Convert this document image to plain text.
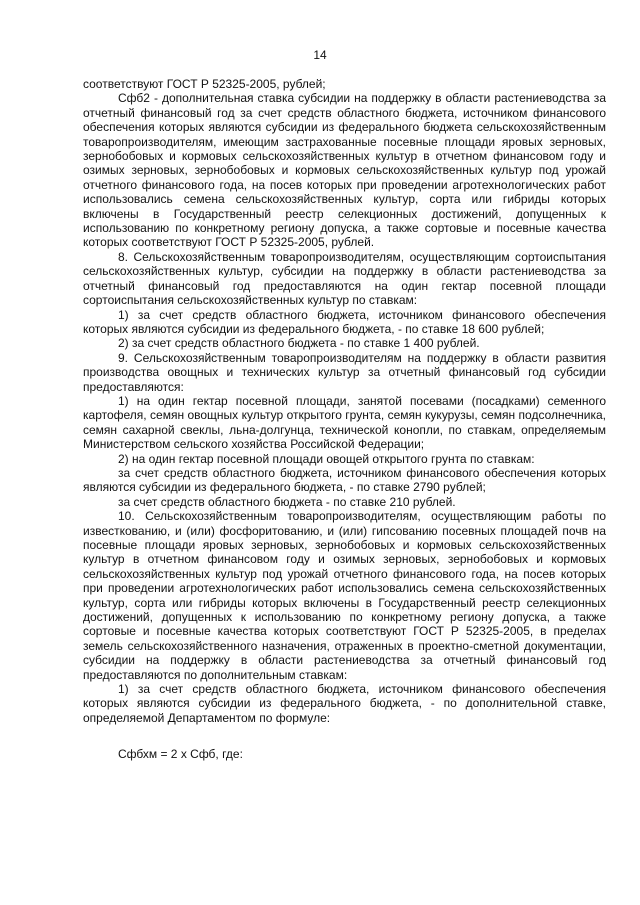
14

соответствуют ГОСТ Р 52325-2005, рублей;

Сфб2 - дополнительная ставка субсидии на поддержку в области растениеводства за отчетный финансовый год за счет средств областного бюджета, источником финансового обеспечения которых являются субсидии из федерального бюджета сельскохозяйственным товаропроизводителям, имеющим застрахованные посевные площади яровых зерновых, зернобобовых и кормовых сельскохозяйственных культур в отчетном финансовом году и озимых зерновых, зернобобовых и кормовых сельскохозяйственных культур под урожай отчетного финансового года, на посев которых при проведении агротехнологических работ использовались семена сельскохозяйственных культур, сорта или гибриды которых включены в Государственный реестр селекционных достижений, допущенных к использованию по конкретному региону допуска, а также сортовые и посевные качества которых соответствуют ГОСТ Р 52325-2005, рублей.

8. Сельскохозяйственным товаропроизводителям, осуществляющим сортоиспытания сельскохозяйственных культур, субсидии на поддержку в области растениеводства за отчетный финансовый год предоставляются на один гектар посевной площади сортоиспытания сельскохозяйственных культур по ставкам:

1) за счет средств областного бюджета, источником финансового обеспечения которых являются субсидии из федерального бюджета, - по ставке 18 600 рублей;

2) за счет средств областного бюджета - по ставке 1 400 рублей.

9. Сельскохозяйственным товаропроизводителям на поддержку в области развития производства овощных и технических культур за отчетный финансовый год субсидии предоставляются:

1) на один гектар посевной площади, занятой посевами (посадками) семенного картофеля, семян овощных культур открытого грунта, семян кукурузы, семян подсолнечника, семян сахарной свеклы, льна-долгунца, технической конопли, по ставкам, определяемым Министерством сельского хозяйства Российской Федерации;

2) на один гектар посевной площади овощей открытого грунта по ставкам:

за счет средств областного бюджета, источником финансового обеспечения которых являются субсидии из федерального бюджета, - по ставке 2790 рублей;

за счет средств областного бюджета - по ставке 210 рублей.

10. Сельскохозяйственным товаропроизводителям, осуществляющим работы по известкованию, и (или) фосфоритованию, и (или) гипсованию посевных площадей почв на посевные площади яровых зерновых, зернобобовых и кормовых сельскохозяйственных культур в отчетном финансовом году и озимых зерновых, зернобобовых и кормовых сельскохозяйственных культур под урожай отчетного финансового года, на посев которых при проведении агротехнологических работ использовались семена сельскохозяйственных культур, сорта или гибриды которых включены в Государственный реестр селекционных достижений, допущенных к использованию по конкретному региону допуска, а также сортовые и посевные качества которых соответствуют ГОСТ Р 52325-2005, в пределах земель сельскохозяйственного назначения, отраженных в проектно-сметной документации, субсидии на поддержку в области растениеводства за отчетный финансовый год предоставляются по дополнительным ставкам:

1) за счет средств областного бюджета, источником финансового обеспечения которых являются субсидии из федерального бюджета, - по дополнительной ставке, определяемой Департаментом по формуле:

Сфбхм = 2 x Сфб, где:
